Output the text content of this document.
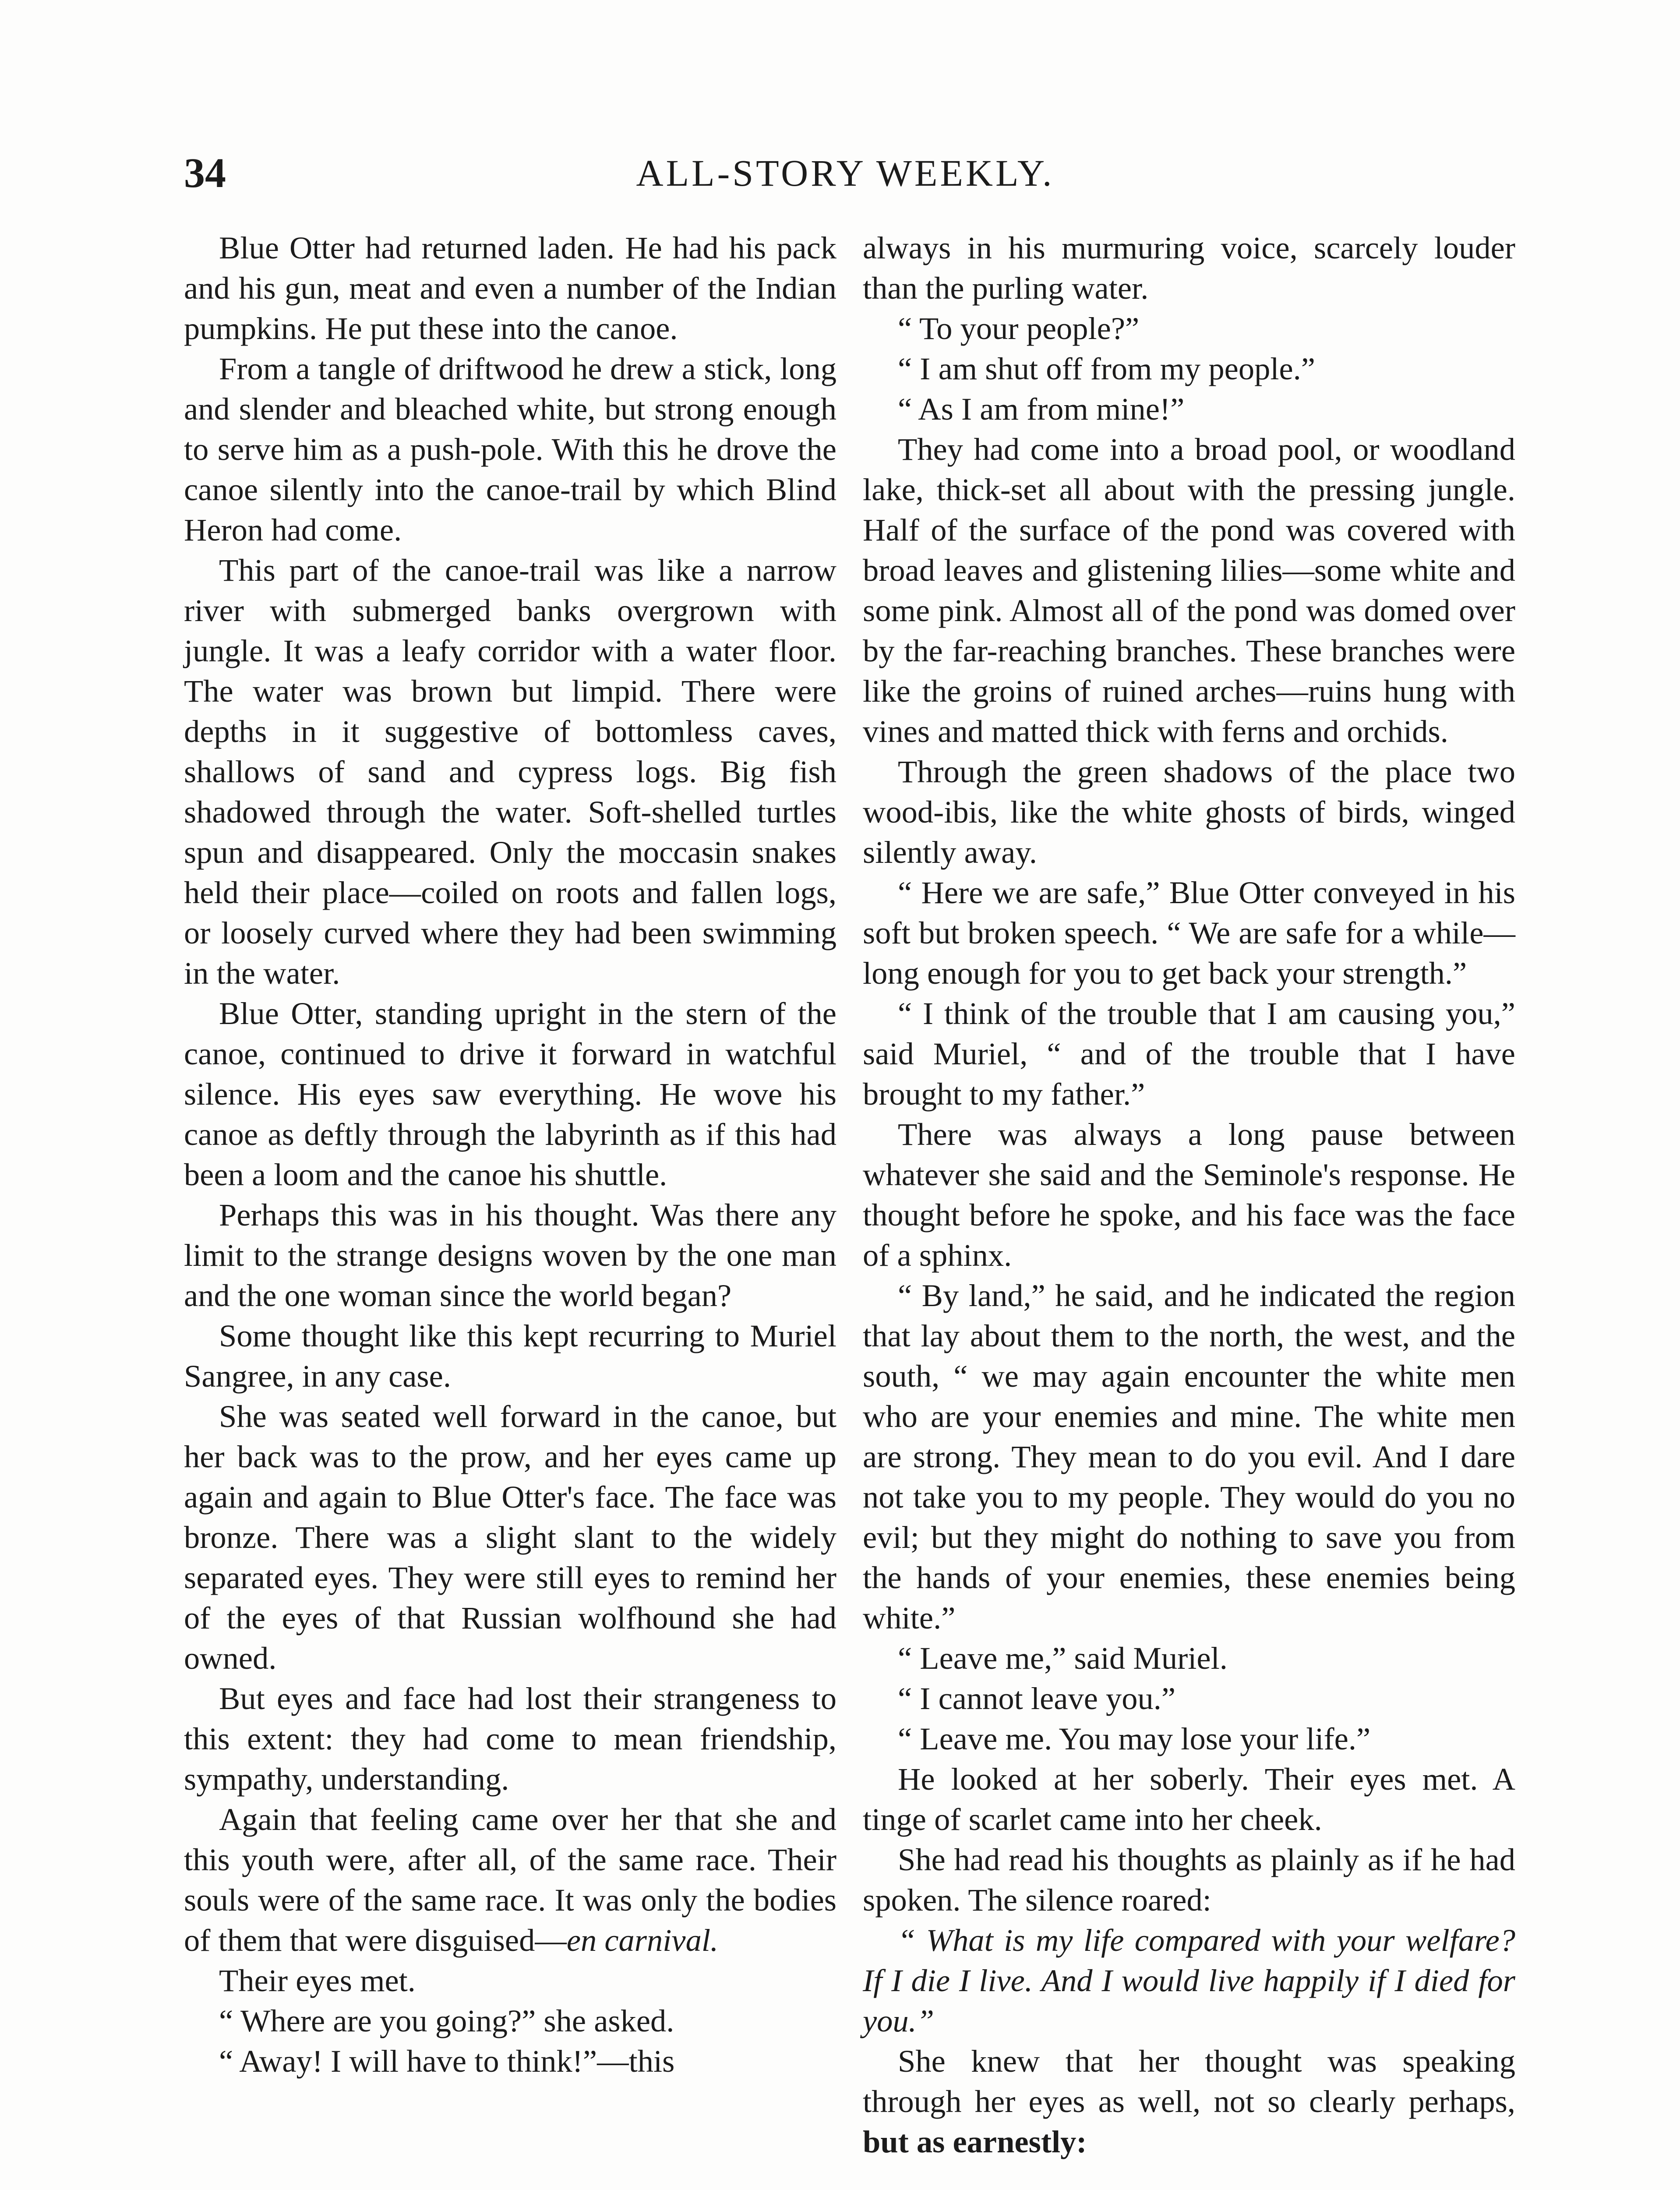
34	ALL-STORY WEEKLY.

Blue Otter had returned laden. He had his pack and his gun, meat and even a number of the Indian pumpkins. He put these into the canoe.

From a tangle of driftwood he drew a stick, long and slender and bleached white, but strong enough to serve him as a push-pole. With this he drove the canoe silently into the canoe-trail by which Blind Heron had come.

This part of the canoe-trail was like a narrow river with submerged banks overgrown with jungle. It was a leafy corridor with a water floor. The water was brown but limpid. There were depths in it suggestive of bottomless caves, shallows of sand and cypress logs. Big fish shadowed through the water. Soft-shelled turtles spun and disappeared. Only the moccasin snakes held their place—coiled on roots and fallen logs, or loosely curved where they had been swimming in the water.

Blue Otter, standing upright in the stern of the canoe, continued to drive it forward in watchful silence. His eyes saw everything. He wove his canoe as deftly through the labyrinth as if this had been a loom and the canoe his shuttle.

Perhaps this was in his thought. Was there any limit to the strange designs woven by the one man and the one woman since the world began?

Some thought like this kept recurring to Muriel Sangree, in any case.

She was seated well forward in the canoe, but her back was to the prow, and her eyes came up again and again to Blue Otter's face. The face was bronze. There was a slight slant to the widely separated eyes. They were still eyes to remind her of the eyes of that Russian wolfhound she had owned.

But eyes and face had lost their strangeness to this extent: they had come to mean friendship, sympathy, understanding.

Again that feeling came over her that she and this youth were, after all, of the same race. Their souls were of the same race. It was only the bodies of them that were disguised—en carnival.

Their eyes met.

“ Where are you going?” she asked.

“ Away! I will have to think!”—this

always in his murmuring voice, scarcely louder than the purling water.

“ To your people?”

“ I am shut off from my people.”

“ As I am from mine!”

They had come into a broad pool, or woodland lake, thick-set all about with the pressing jungle. Half of the surface of the pond was covered with broad leaves and glistening lilies—some white and some pink. Almost all of the pond was domed over by the far-reaching branches. These branches were like the groins of ruined arches—ruins hung with vines and matted thick with ferns and orchids.

Through the green shadows of the place two wood-ibis, like the white ghosts of birds, winged silently away.

“ Here we are safe,” Blue Otter conveyed in his soft but broken speech. “ We are safe for a while—long enough for you to get back your strength.”

“ I think of the trouble that I am causing you,” said Muriel, “ and of the trouble that I have brought to my father.”

There was always a long pause between whatever she said and the Seminole's response. He thought before he spoke, and his face was the face of a sphinx.

“ By land,” he said, and he indicated the region that lay about them to the north, the west, and the south, “ we may again encounter the white men who are your enemies and mine. The white men are strong. They mean to do you evil. And I dare not take you to my people. They would do you no evil; but they might do nothing to save you from the hands of your enemies, these enemies being white.”

“ Leave me,” said Muriel.

“ I cannot leave you.”

“ Leave me. You may lose your life.”

He looked at her soberly. Their eyes met. A tinge of scarlet came into her cheek.

She had read his thoughts as plainly as if he had spoken. The silence roared:

“ What is my life compared with your welfare? If I die I live. And I would live happily if I died for you.”

She knew that her thought was speaking through her eyes as well, not so clearly perhaps, but as earnestly:
